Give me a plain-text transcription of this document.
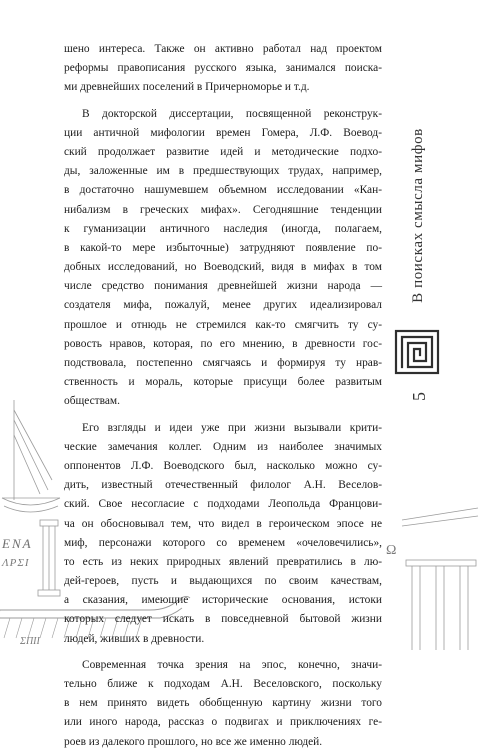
ENA
ΛΡΣΙ
ΣΠΙΙ
Ω
шено интереса. Также он активно работал над проектом
реформы правописания русского языка, занимался поиска-
ми древнейших поселений в Причерноморье и т.д.
В докторской диссертации, посвященной реконструк-
ции античной мифологии времен Гомера, Л.Ф. Воевод-
ский продолжает развитие идей и методические подхо-
ды, заложенные им в предшествующих трудах, например,
в достаточно нашумевшем объемном исследовании «Кан-
нибализм в греческих мифах». Сегодняшние тенденции
к гуманизации античного наследия (иногда, полагаем,
в какой-то мере избыточные) затрудняют появление по-
добных исследований, но Воеводский, видя в мифах в том
числе средство понимания древнейшей жизни народа —
создателя мифа, пожалуй, менее других идеализировал
прошлое и отнюдь не стремился как-то смягчить ту су-
ровость нравов, которая, по его мнению, в древности гос-
подствовала, постепенно смягчаясь и формируя ту нрав-
ственность и мораль, которые присущи более развитым
обществам.
Его взгляды и идеи уже при жизни вызывали крити-
ческие замечания коллег. Одним из наиболее значимых
оппонентов Л.Ф. Воеводского был, насколько можно су-
дить, известный отечественный филолог А.Н. Веселов-
ский. Свое несогласие с подходами Леопольда Францови-
ча он обосновывал тем, что видел в героическом эпосе не
миф, персонажи которого со временем «очеловечились»,
то есть из неких природных явлений превратились в лю-
дей-героев, пусть и выдающихся по своим качествам,
а сказания, имеющие исторические основания, истоки
которых следует искать в повседневной бытовой жизни
людей, живших в древности.
Современная точка зрения на эпос, конечно, значи-
тельно ближе к подходам А.Н. Веселовского, поскольку
в нем принято видеть обобщенную картину жизни того
или иного народа, рассказ о подвигах и приключениях ге-
роев из далекого прошлого, но все же именно людей.
В поисках смысла мифов
5
